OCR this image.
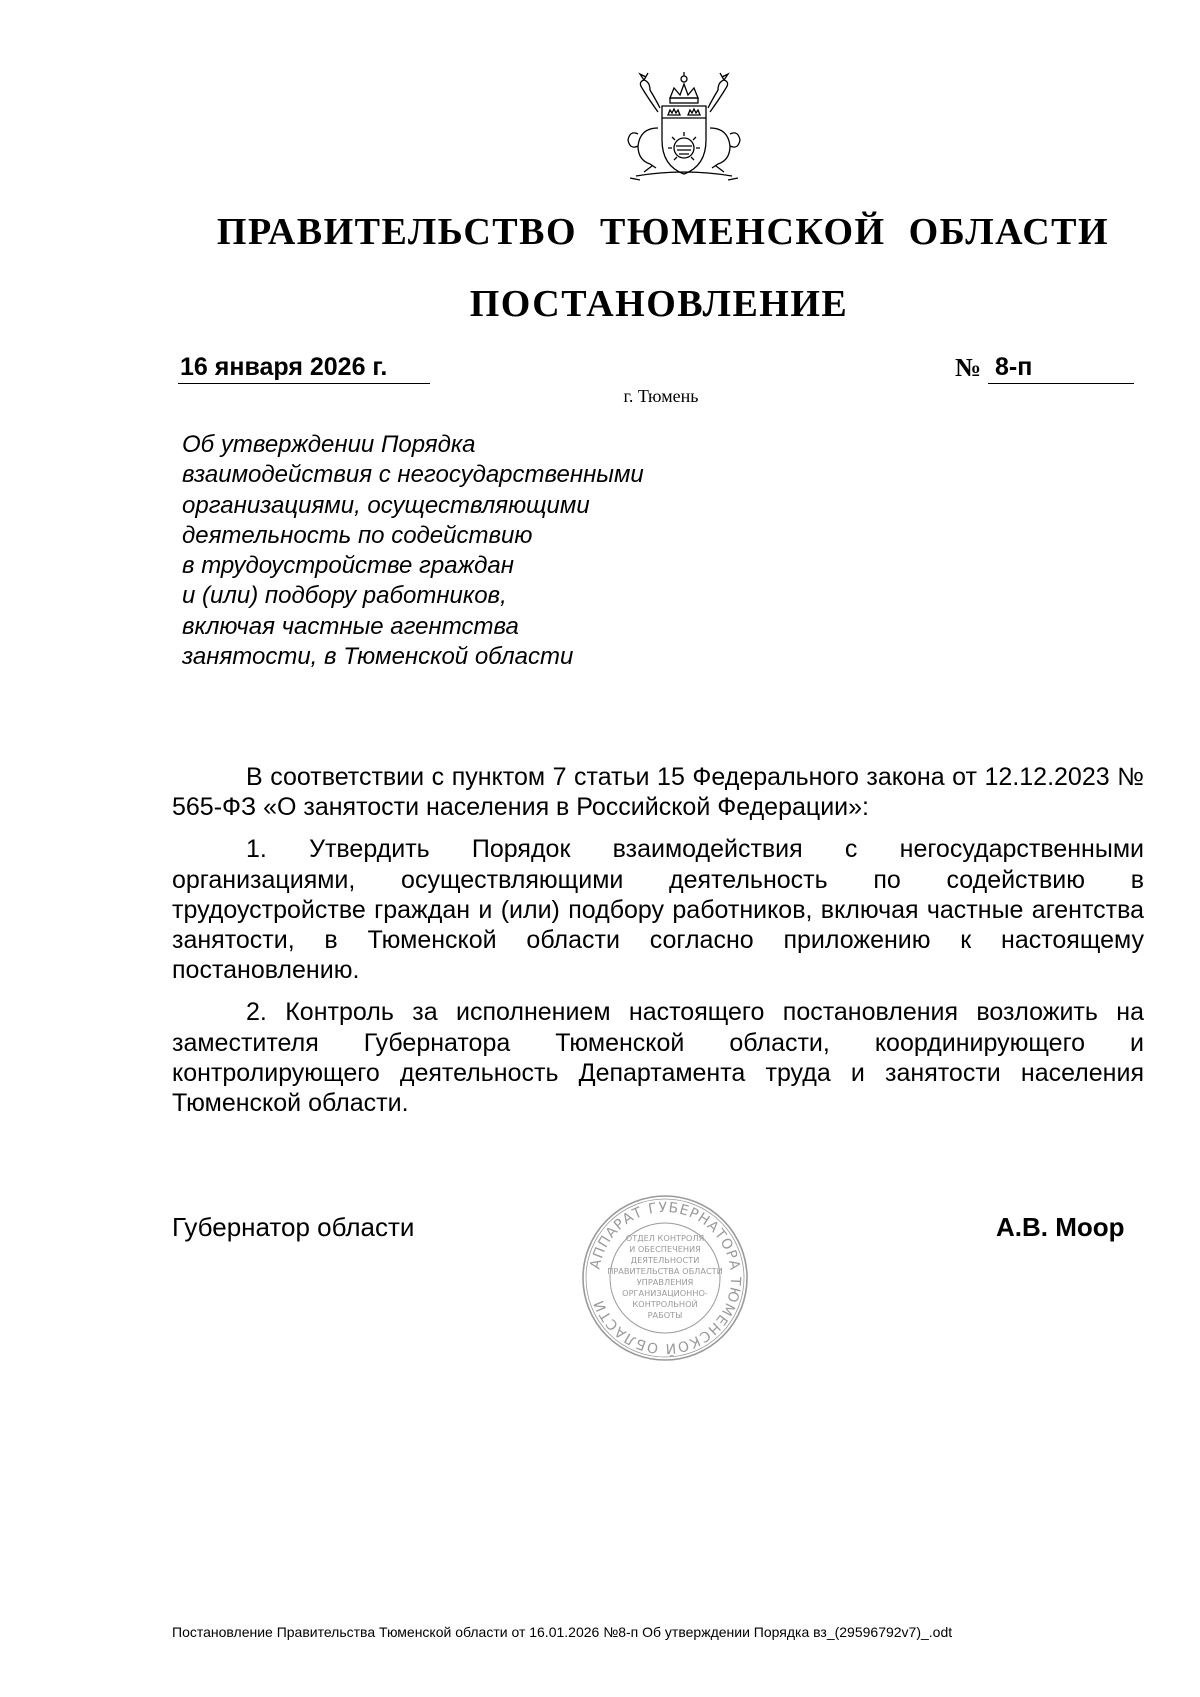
ПРАВИТЕЛЬСТВО ТЮМЕНСКОЙ ОБЛАСТИ
ПОСТАНОВЛЕНИЕ
16 января 2026 г.	№ 8-п
г. Тюмень
Об утверждении Порядка
взаимодействия с негосударственными
организациями, осуществляющими
деятельность по содействию
в трудоустройстве граждан
и (или) подбору работников,
включая частные агентства
занятости, в Тюменской области

В соответствии с пунктом 7 статьи 15 Федерального закона от 12.12.2023 № 565-ФЗ «О занятости населения в Российской Федерации»:

1. Утвердить Порядок взаимодействия с негосударственными организациями, осуществляющими деятельность по содействию в трудоустройстве граждан и (или) подбору работников, включая частные агентства занятости, в Тюменской области согласно приложению к настоящему постановлению.

2. Контроль за исполнением настоящего постановления возложить на заместителя Губернатора Тюменской области, координирующего и контролирующего деятельность Департамента труда и занятости населения Тюменской области.

Губернатор области
АППАРАТ ГУБЕРНАТОРА ТЮМЕНСКОЙ ОБЛАСТИ
ОТДЕЛ КОНТРОЛЯ
И ОБЕСПЕЧЕНИЯ
ДЕЯТЕЛЬНОСТИ
ПРАВИТЕЛЬСТВА ОБЛАСТИ
УПРАВЛЕНИЯ
ОРГАНИЗАЦИОННО-
КОНТРОЛЬНОЙ
РАБОТЫ
А.В. Моор
Постановление Правительства Тюменской области от 16.01.2026 №8-п Об утверждении Порядка вз_(29596792v7)_.odt
